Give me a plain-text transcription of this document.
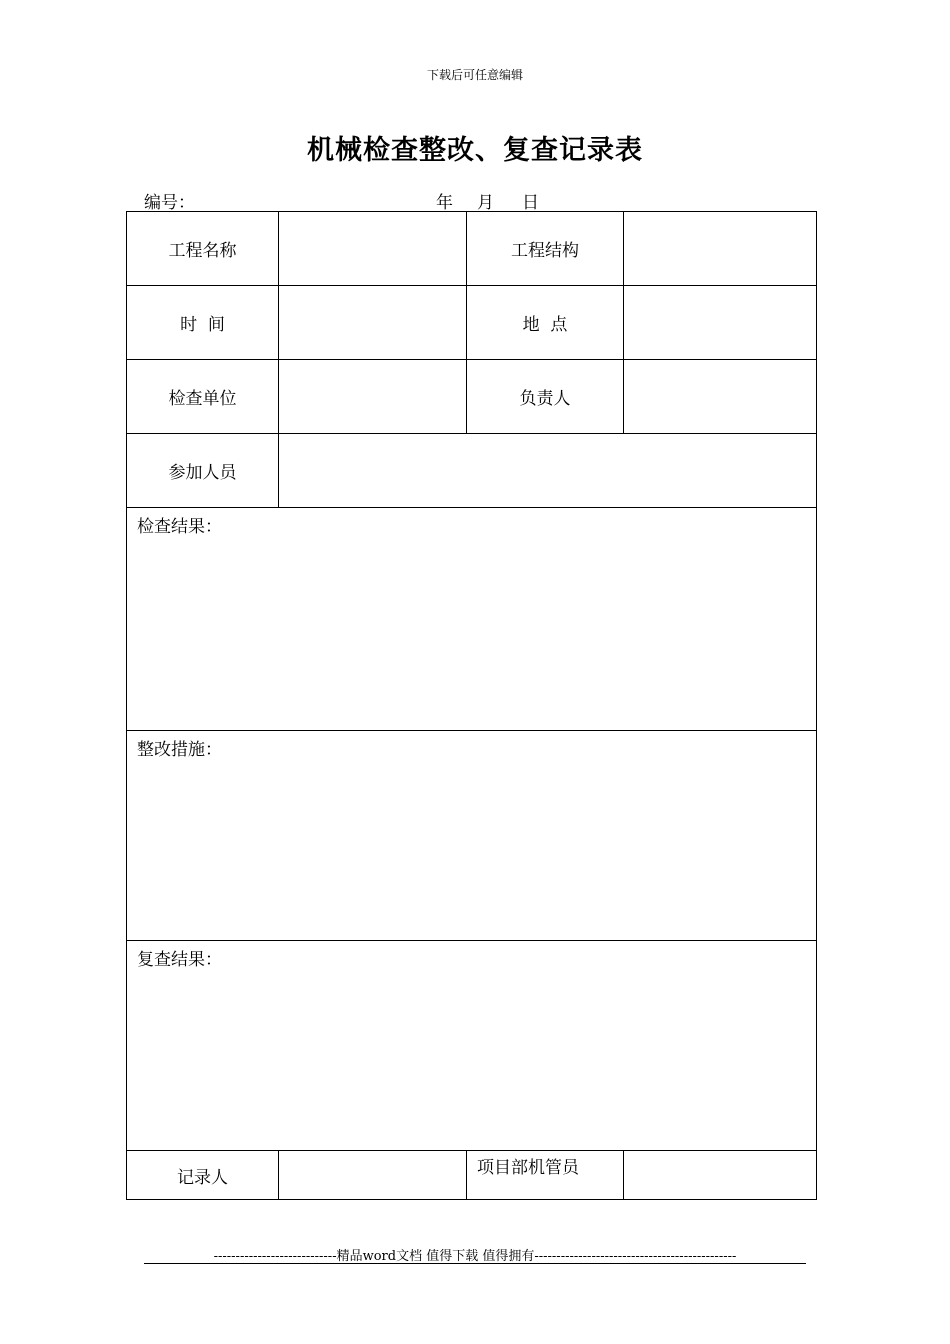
下载后可任意编辑
机械检查整改、复查记录表
编号：	年 月 日
工程名称		工程结构	
时  间		地  点	
检查单位		负责人	
参加人员			
检查结果：			
整改措施：			
复查结果：			
记录人		项目部机管员	
----------------------------精品word文档 值得下载 值得拥有----------------------------------------------
